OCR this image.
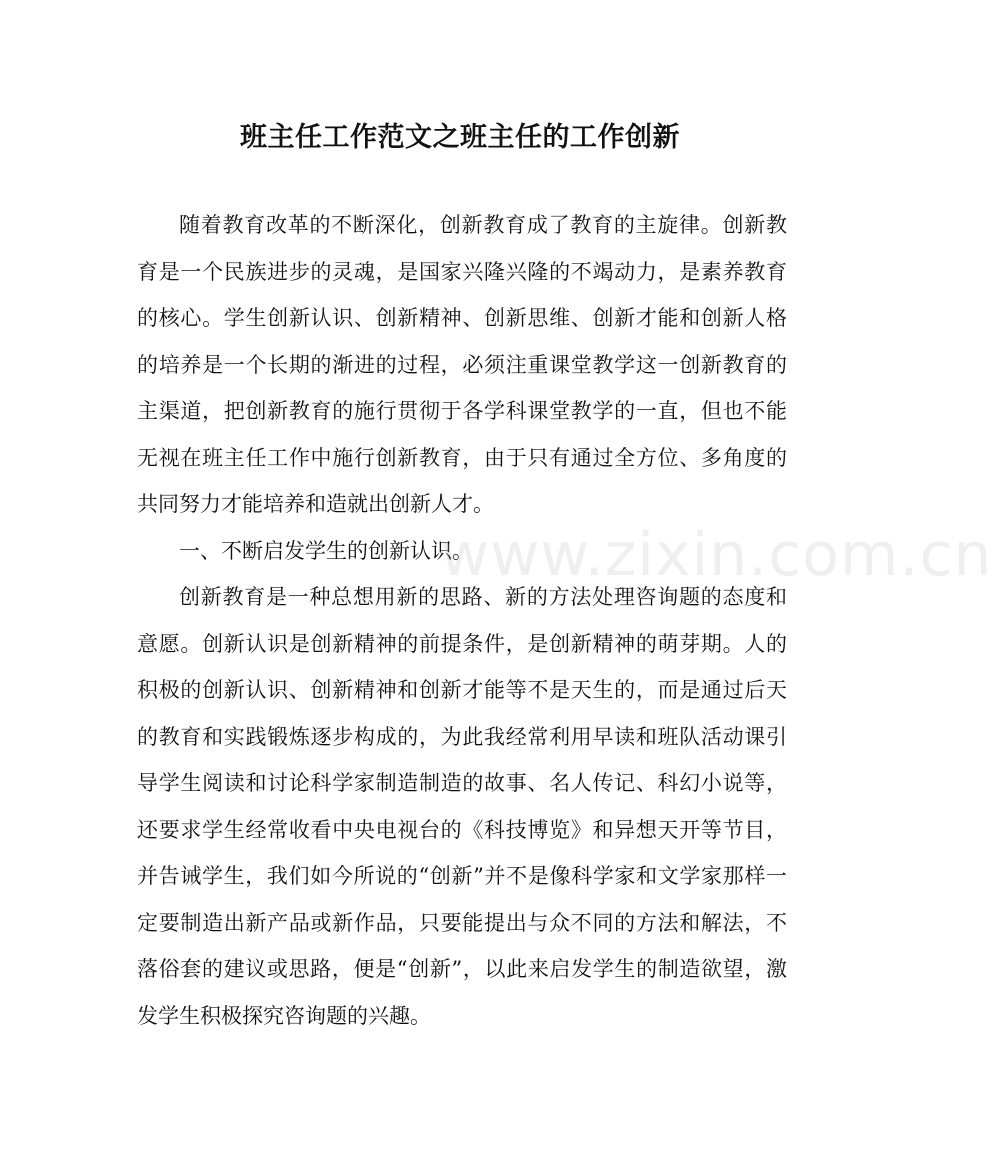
班主任工作范文之班主任的工作创新

随着教育改革的不断深化，创新教育成了教育的主旋律。创新教育是一个民族进步的灵魂，是国家兴隆兴隆的不竭动力，是素养教育的核心。学生创新认识、创新精神、创新思维、创新才能和创新人格的培养是一个长期的渐进的过程，必须注重课堂教学这一创新教育的主渠道，把创新教育的施行贯彻于各学科课堂教学的一直，但也不能无视在班主任工作中施行创新教育，由于只有通过全方位、多角度的共同努力才能培养和造就出创新人才。

一、不断启发学生的创新认识。

创新教育是一种总想用新的思路、新的方法处理咨询题的态度和意愿。创新认识是创新精神的前提条件，是创新精神的萌芽期。人的积极的创新认识、创新精神和创新才能等不是天生的，而是通过后天的教育和实践锻炼逐步构成的，为此我经常利用早读和班队活动课引导学生阅读和讨论科学家制造制造的故事、名人传记、科幻小说等，还要求学生经常收看中央电视台的《科技博览》和异想天开等节目，并告诫学生，我们如今所说的“创新”并不是像科学家和文学家那样一定要制造出新产品或新作品，只要能提出与众不同的方法和解法，不落俗套的建议或思路，便是“创新”，以此来启发学生的制造欲望，激发学生积极探究咨询题的兴趣。

www.zixin.com.cn
